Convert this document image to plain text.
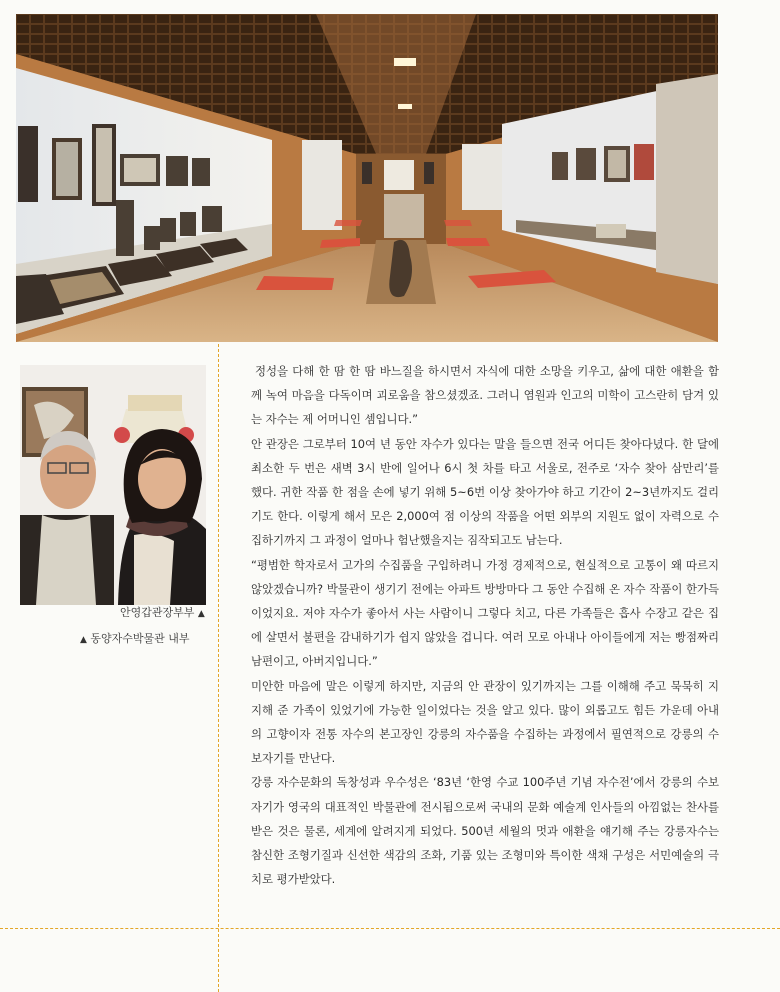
안영갑관장부부 ▲
▲ 동양자수박물관 내부

정성을 다해 한 땀 한 땀 바느질을 하시면서 자식에 대한 소망을 키우고, 삶에 대한 애환을 함께 녹여 마음을 다독이며 괴로움을 참으셨겠죠. 그러니 염원과 인고의 미학이 고스란히 담겨 있는 자수는 제 어머니인 셈입니다.”

안 관장은 그로부터 10여 년 동안 자수가 있다는 말을 들으면 전국 어디든 찾아다녔다. 한 달에 최소한 두 번은 새벽 3시 반에 일어나 6시 첫 차를 타고 서울로, 전주로 ‘자수 찾아 삼만리’를 했다. 귀한 작품 한 점을 손에 넣기 위해 5~6번 이상 찾아가야 하고 기간이 2~3년까지도 걸리기도 한다. 이렇게 해서 모은 2,000여 점 이상의 작품을 어떤 외부의 지원도 없이 자력으로 수집하기까지 그 과정이 얼마나 험난했을지는 짐작되고도 남는다.

“평범한 학자로서 고가의 수집품을 구입하려니 가정 경제적으로, 현실적으로 고통이 왜 따르지 않았겠습니까? 박물관이 생기기 전에는 아파트 방방마다 그 동안 수집해 온 자수 작품이 한가득이었지요. 저야 자수가 좋아서 사는 사람이니 그렇다 치고, 다른 가족들은 흡사 수장고 같은 집에 살면서 불편을 감내하기가 쉽지 않았을 겁니다. 여러 모로 아내나 아이들에게 저는 빵점짜리 남편이고, 아버지입니다.”

미안한 마음에 말은 이렇게 하지만, 지금의 안 관장이 있기까지는 그를 이해해 주고 묵묵히 지지해 준 가족이 있었기에 가능한 일이었다는 것을 알고 있다. 많이 외롭고도 힘든 가운데 아내의 고향이자 전통 자수의 본고장인 강릉의 자수품을 수집하는 과정에서 필연적으로 강릉의 수 보자기를 만난다.

강릉 자수문화의 독창성과 우수성은 ‘83년 ‘한영 수교 100주년 기념 자수전’에서 강릉의 수보자기가 영국의 대표적인 박물관에 전시됨으로써 국내의 문화 예술계 인사들의 아낌없는 찬사를 받은 것은 물론, 세계에 알려지게 되었다. 500년 세월의 멋과 애환을 얘기해 주는 강릉자수는 참신한 조형기질과 신선한 색감의 조화, 기품 있는 조형미와 특이한 색채 구성은 서민예술의 극치로 평가받았다.
